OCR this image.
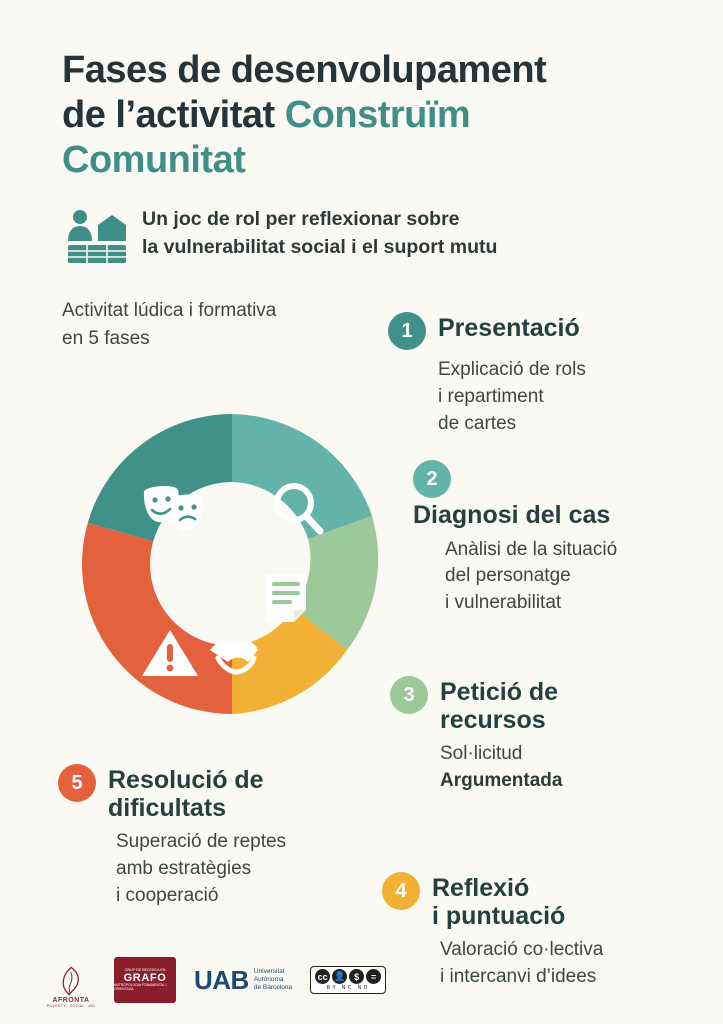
Fases de desenvolupament
de l’activitat Construïm
Comunitat
Un joc de rol per reflexionar sobre
la vulnerabilitat social i el suport mutu
Activitat lúdica i formativa
en 5 fases	1	Presentació
Explicació de rols
i repartiment
de cartes
2
Diagnosi del cas
Anàlisi de la situació
del personatge
i vulnerabilitat
3	Petició de
recursos
Sol·licitud
Argumentada
4	Reflexió
i puntuació
Valoració co·lectiva
i intercanvi d’idees
5	Resolució de
dificultats
Superació de reptes
amb estratègies
i cooperació
AFRONTA
POVERTY . SOCIAL . AID
GRUP DE RECERCA EN
GRAFO
ANTROPOLOGIA FONAMENTAL I ORIENTADA	UAB Universitat
Autònoma
de Barcelona
cc 👤 $	=
BY NC ND
